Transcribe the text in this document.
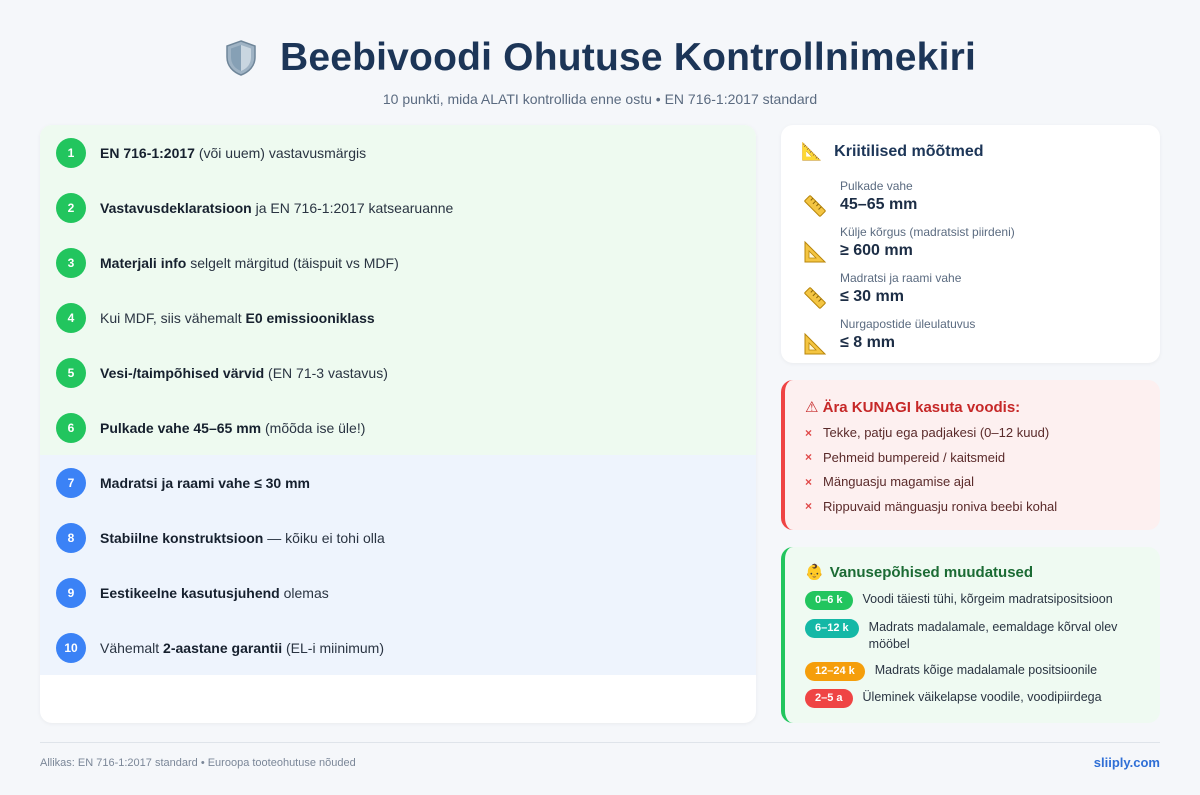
Beebivoodi Ohutuse Kontrollnimekiri
10 punkti, mida ALATI kontrollida enne ostu • EN 716-1:2017 standard
1	EN 716-1:2017 (või uuem) vastavusmärgis
2	Vastavusdeklaratsioon ja EN 716-1:2017 katsearuanne
3	Materjali info selgelt märgitud (täispuit vs MDF)
4	Kui MDF, siis vähemalt E0 emissiooniklass
5	Vesi-/taimpõhised värvid (EN 71-3 vastavus)
6	Pulkade vahe 45–65 mm (mõõda ise üle!)
7	Madratsi ja raami vahe ≤ 30 mm
8	Stabiilne konstruktsioon — kõiku ei tohi olla
9	Eestikeelne kasutusjuhend olemas
10	Vähemalt 2-aastane garantii (EL-i miinimum)
📐 Kriitilised mõõtmed
Pulkade vahe
45–65 mm
Külje kõrgus (madratsist piirdeni)
≥ 600 mm
Madratsi ja raami vahe
≤ 30 mm
Nurgapostide üleulatuvus
≤ 8 mm
⚠ Ära KUNAGI kasuta voodis:
× Tekke, patju ega padjakesi (0–12 kuud)
× Pehmeid bumpereid / kaitsmeid
× Mänguasju magamise ajal
× Rippuvaid mänguasju roniva beebi kohal
👶 Vanusepõhised muudatused
0–6 k	Voodi täiesti tühi, kõrgeim madratsipositsioon
6–12 k	Madrats madalamale, eemaldage kõrval olev mööbel
12–24 k	Madrats kõige madalamale positsioonile
2–5 a	Üleminek väikelapse voodile, voodipiirdega
Allikas: EN 716-1:2017 standard • Euroopa tooteohutuse nõuded	sliiply.com
